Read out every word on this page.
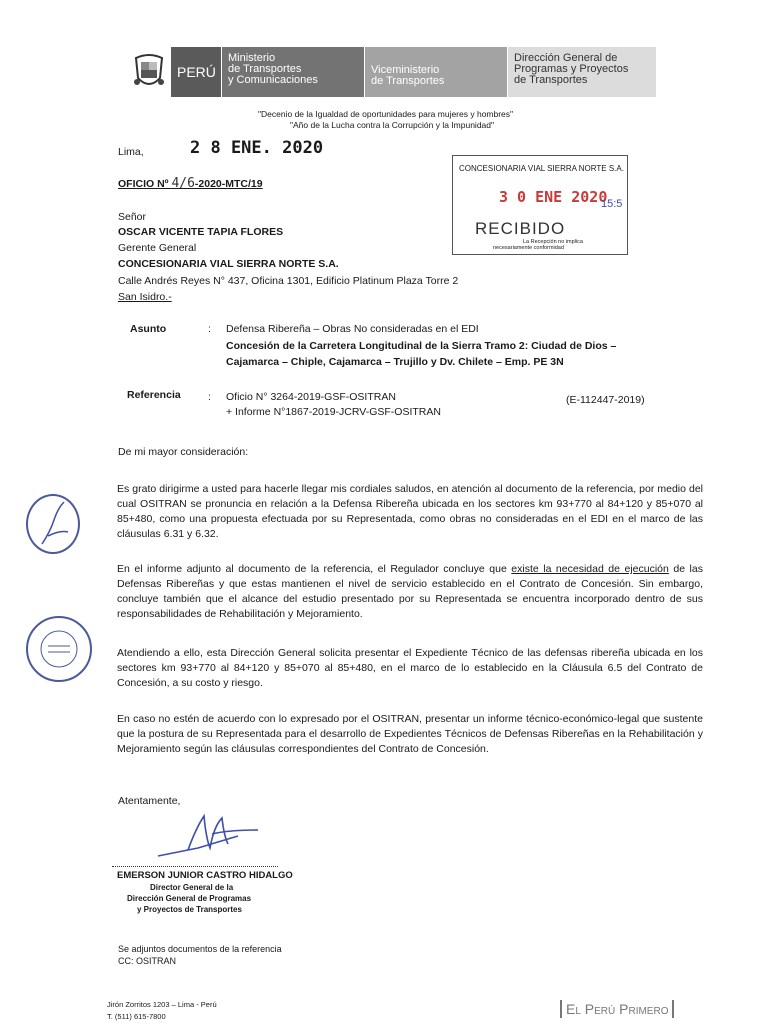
PERÚ
Ministerio
de Transportes
y Comunicaciones
Viceministerio
de Transportes
Dirección General de
Programas y Proyectos
de Transportes
"Decenio de la Igualdad de oportunidades para mujeres y hombres"
"Año de la Lucha contra la Corrupción y la Impunidad"
Lima,	2 8 ENE. 2020
OFICIO Nº 4/6-2020-MTC/19
CONCESIONARIA VIAL SIERRA NORTE S.A.
3 0 ENE 2020
15:5
RECIBIDO
La Recepción no implica
necesariamente conformidad
Señor
OSCAR VICENTE TAPIA FLORES
Gerente General
CONCESIONARIA VIAL SIERRA NORTE S.A.
Calle Andrés Reyes N° 437, Oficina 1301, Edificio Platinum Plaza Torre 2
San Isidro.-
Asunto	: Defensa Ribereña – Obras No consideradas en el EDI
Concesión de la Carretera Longitudinal de la Sierra Tramo 2: Ciudad de Dios –
Cajamarca – Chiple, Cajamarca – Trujillo y Dv. Chilete – Emp. PE 3N
Referencia	: Oficio N° 3264-2019-GSF-OSITRAN
+ Informe N°1867-2019-JCRV-GSF-OSITRAN
(E-112447-2019)
De mi mayor consideración:
Es grato dirigirme a usted para hacerle llegar mis cordiales saludos, en atención al documento de la referencia, por medio del cual OSITRAN se pronuncia en relación a la Defensa Ribereña ubicada en los sectores km 93+770 al 84+120 y 85+070 al 85+480, como una propuesta efectuada por su Representada, como obras no consideradas en el EDI en el marco de las cláusulas 6.31 y 6.32.
En el informe adjunto al documento de la referencia, el Regulador concluye que existe la necesidad de ejecución de las Defensas Ribereñas y que estas mantienen el nivel de servicio establecido en el Contrato de Concesión. Sin embargo, concluye también que el alcance del estudio presentado por su Representada se encuentra incorporado dentro de sus responsabilidades de Rehabilitación y Mejoramiento.
Atendiendo a ello, esta Dirección General solicita presentar el Expediente Técnico de las defensas ribereña ubicada en los sectores km 93+770 al 84+120 y 85+070 al 85+480, en el marco de lo establecido en la Cláusula 6.5 del Contrato de Concesión, a su costo y riesgo.
En caso no estén de acuerdo con lo expresado por el OSITRAN, presentar un informe técnico-económico-legal que sustente que la postura de su Representada para el desarrollo de Expedientes Técnicos de Defensas Ribereñas en la Rehabilitación y Mejoramiento según las cláusulas correspondientes del Contrato de Concesión.
Atentamente,
EMERSON JUNIOR CASTRO HIDALGO
Director General de la
Dirección General de Programas
y Proyectos de Transportes
Se adjuntos documentos de la referencia
CC: OSITRAN
Jirón Zorritos 1203 – Lima - Perú
T. (511) 615-7800	El Perú Primero
